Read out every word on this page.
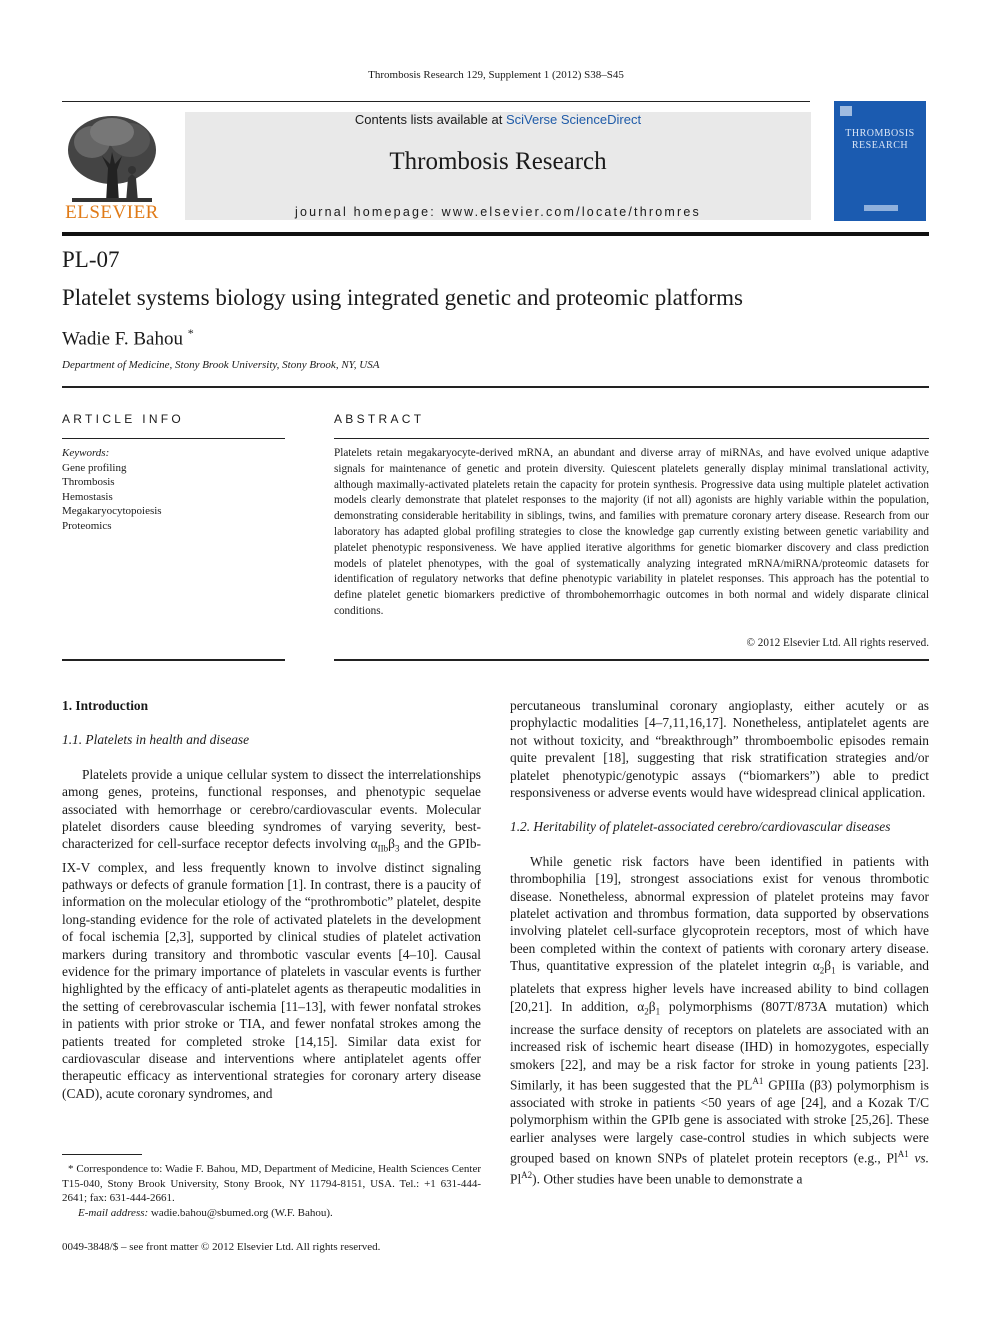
Thrombosis Research 129, Supplement 1 (2012) S38–S45
ELSEVIER
Contents lists available at SciVerse ScienceDirect
Thrombosis Research
journal homepage: www.elsevier.com/locate/thromres
THROMBOSIS
RESEARCH
PL-07
Platelet systems biology using integrated genetic and proteomic platforms
Wadie F. Bahou *
Department of Medicine, Stony Brook University, Stony Brook, NY, USA
ARTICLE INFO
Keywords:
Gene profiling
Thrombosis
Hemostasis
Megakaryocytopoiesis
Proteomics
ABSTRACT
Platelets retain megakaryocyte-derived mRNA, an abundant and diverse array of miRNAs, and have evolved unique adaptive signals for maintenance of genetic and protein diversity. Quiescent platelets generally display minimal translational activity, although maximally-activated platelets retain the capacity for protein synthesis. Progressive data using multiple platelet activation models clearly demonstrate that platelet responses to the majority (if not all) agonists are highly variable within the population, demonstrating considerable heritability in siblings, twins, and families with premature coronary artery disease. Research from our laboratory has adapted global profiling strategies to close the knowledge gap currently existing between genetic variability and platelet phenotypic responsiveness. We have applied iterative algorithms for genetic biomarker discovery and class prediction models of platelet phenotypes, with the goal of systematically analyzing integrated mRNA/miRNA/proteomic datasets for identification of regulatory networks that define phenotypic variability in platelet responses. This approach has the potential to define platelet genetic biomarkers predictive of thrombohemorrhagic outcomes in both normal and widely disparate clinical conditions.
© 2012 Elsevier Ltd. All rights reserved.

1. Introduction

1.1. Platelets in health and disease

Platelets provide a unique cellular system to dissect the interrelationships among genes, proteins, functional responses, and phenotypic sequelae associated with hemorrhage or cerebro/cardiovascular events. Molecular platelet disorders cause bleeding syndromes of varying severity, best-characterized for cell-surface receptor defects involving $\alpha_{IIb}\beta_3$ and the GPIb-IX-V complex, and less frequently known to involve distinct signaling pathways or defects of granule formation [1]. In contrast, there is a paucity of information on the molecular etiology of the “prothrombotic” platelet, despite long-standing evidence for the role of activated platelets in the development of focal ischemia [2,3], supported by clinical studies of platelet activation markers during transitory and thrombotic vascular events [4–10]. Causal evidence for the primary importance of platelets in vascular events is further highlighted by the efficacy of anti-platelet agents as therapeutic modalities in the setting of cerebrovascular ischemia [11–13], with fewer nonfatal strokes in patients with prior stroke or TIA, and fewer nonfatal strokes among the patients treated for completed stroke [14,15]. Similar data exist for cardiovascular disease and interventions where antiplatelet agents offer therapeutic efficacy as interventional strategies for coronary artery disease (CAD), acute coronary syndromes, and

percutaneous transluminal coronary angioplasty, either acutely or as prophylactic modalities [4–7,11,16,17]. Nonetheless, antiplatelet agents are not without toxicity, and “breakthrough” thromboembolic episodes remain quite prevalent [18], suggesting that risk stratification strategies and/or platelet phenotypic/genotypic assays (“biomarkers”) able to predict responsiveness or adverse events would have widespread clinical application.

1.2. Heritability of platelet-associated cerebro/cardiovascular diseases

While genetic risk factors have been identified in patients with thrombophilia [19], strongest associations exist for venous thrombotic disease. Nonetheless, abnormal expression of platelet proteins may favor platelet activation and thrombus formation, data supported by observations involving platelet cell-surface glycoprotein receptors, most of which have been completed within the context of patients with coronary artery disease. Thus, quantitative expression of the platelet integrin $\alpha_2\beta_1$ is variable, and platelets that express higher levels have increased ability to bind collagen [20,21]. In addition, $\alpha_2\beta_1$ polymorphisms (807T/873A mutation) which increase the surface density of receptors on platelets are associated with an increased risk of ischemic heart disease (IHD) in homozygotes, especially smokers [22], and may be a risk factor for stroke in young patients [23]. Similarly, it has been suggested that the $PL^{A1}$ GPIIIa (β3) polymorphism is associated with stroke in patients <50 years of age [24], and a Kozak T/C polymorphism within the GPIb gene is associated with stroke [25,26]. These earlier analyses were largely case-control studies in which subjects were grouped based on known SNPs of platelet protein receptors (e.g., $Pl^{A1}$ vs. $Pl^{A2}$). Other studies have been unable to demonstrate a

* Correspondence to: Wadie F. Bahou, MD, Department of Medicine, Health Sciences Center T15-040, Stony Brook University, Stony Brook, NY 11794-8151, USA. Tel.: +1 631-444-2641; fax: 631-444-2661.
E-mail address: wadie.bahou@sbumed.org (W.F. Bahou).
0049-3848/$ – see front matter © 2012 Elsevier Ltd. All rights reserved.
